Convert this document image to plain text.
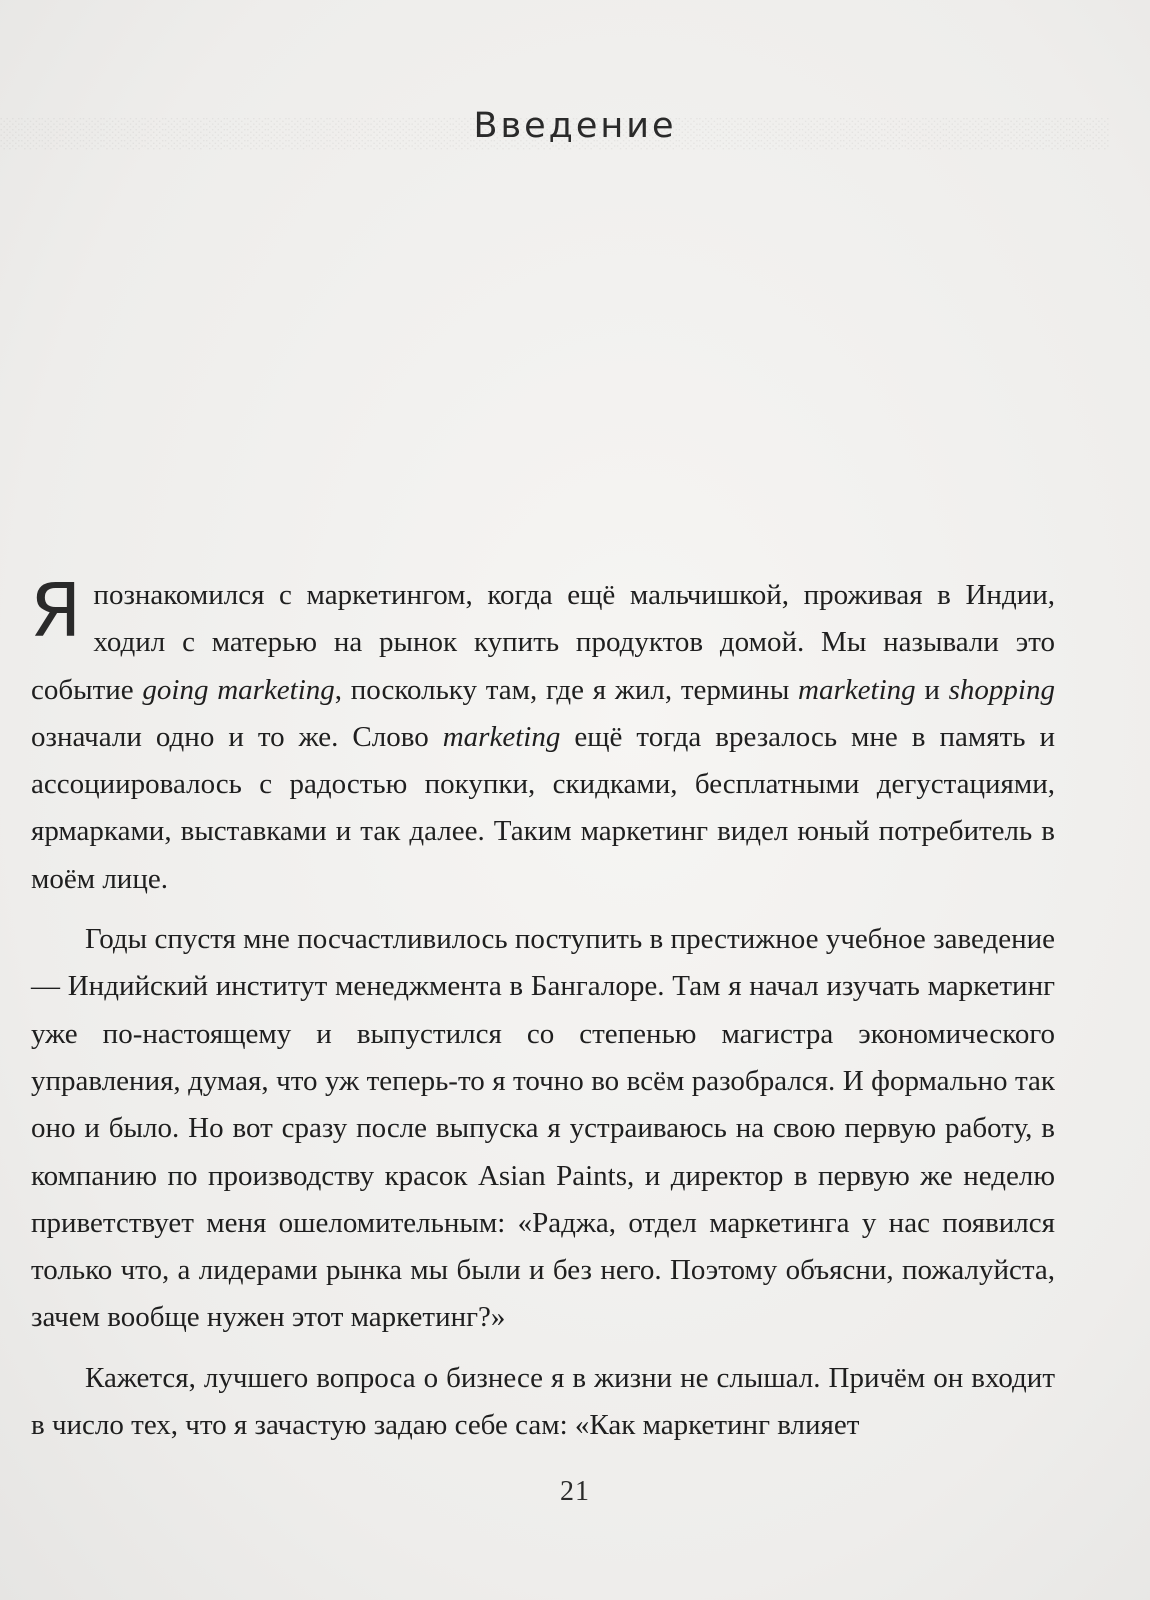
Введение

Я познакомился с маркетингом, когда ещё мальчишкой, проживая в Индии, ходил с матерью на рынок купить продуктов домой. Мы называли это событие going marketing, поскольку там, где я жил, термины marketing и shopping означали одно и то же. Слово marketing ещё тогда врезалось мне в память и ассоциировалось с радостью покупки, скидками, бесплатными дегустациями, ярмарками, выставками и так далее. Таким маркетинг видел юный потребитель в моём лице.

Годы спустя мне посчастливилось поступить в престижное учебное заведение — Индийский институт менеджмента в Бангалоре. Там я начал изучать маркетинг уже по-настоящему и выпустился со степенью магистра экономического управления, думая, что уж теперь-то я точно во всём разобрался. И формально так оно и было. Но вот сразу после выпуска я устраиваюсь на свою первую работу, в компанию по производству красок Asian Paints, и директор в первую же неделю приветствует меня ошеломительным: «Раджа, отдел маркетинга у нас появился только что, а лидерами рынка мы были и без него. Поэтому объясни, пожалуйста, зачем вообще нужен этот маркетинг?»

Кажется, лучшего вопроса о бизнесе я в жизни не слышал. Причём он входит в число тех, что я зачастую задаю себе сам: «Как маркетинг влияет

21
